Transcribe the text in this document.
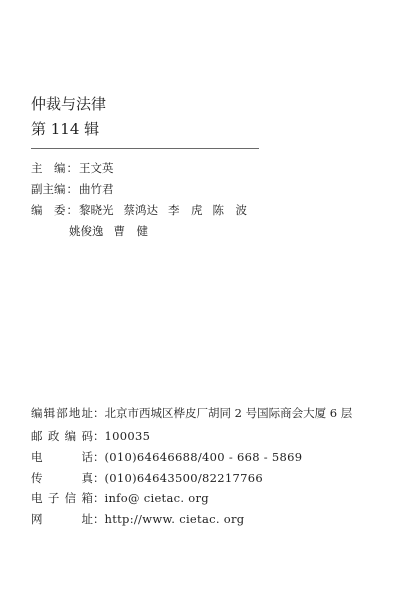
仲裁与法律
第 114 辑
主　编：王文英
副主编：曲竹君
编　委：黎晓光 蔡鸿达 李　虎 陈　波
姚俊逸 曹　健
编辑部地址：北京市西城区桦皮厂胡同 2 号国际商会大厦 6 层
邮 政 编 码：100035
电　　话：(010)64646688/400 - 668 - 5869
传　　真：(010)64643500/82217766
电 子 信 箱：info@ cietac. org
网　　址：http://www. cietac. org
